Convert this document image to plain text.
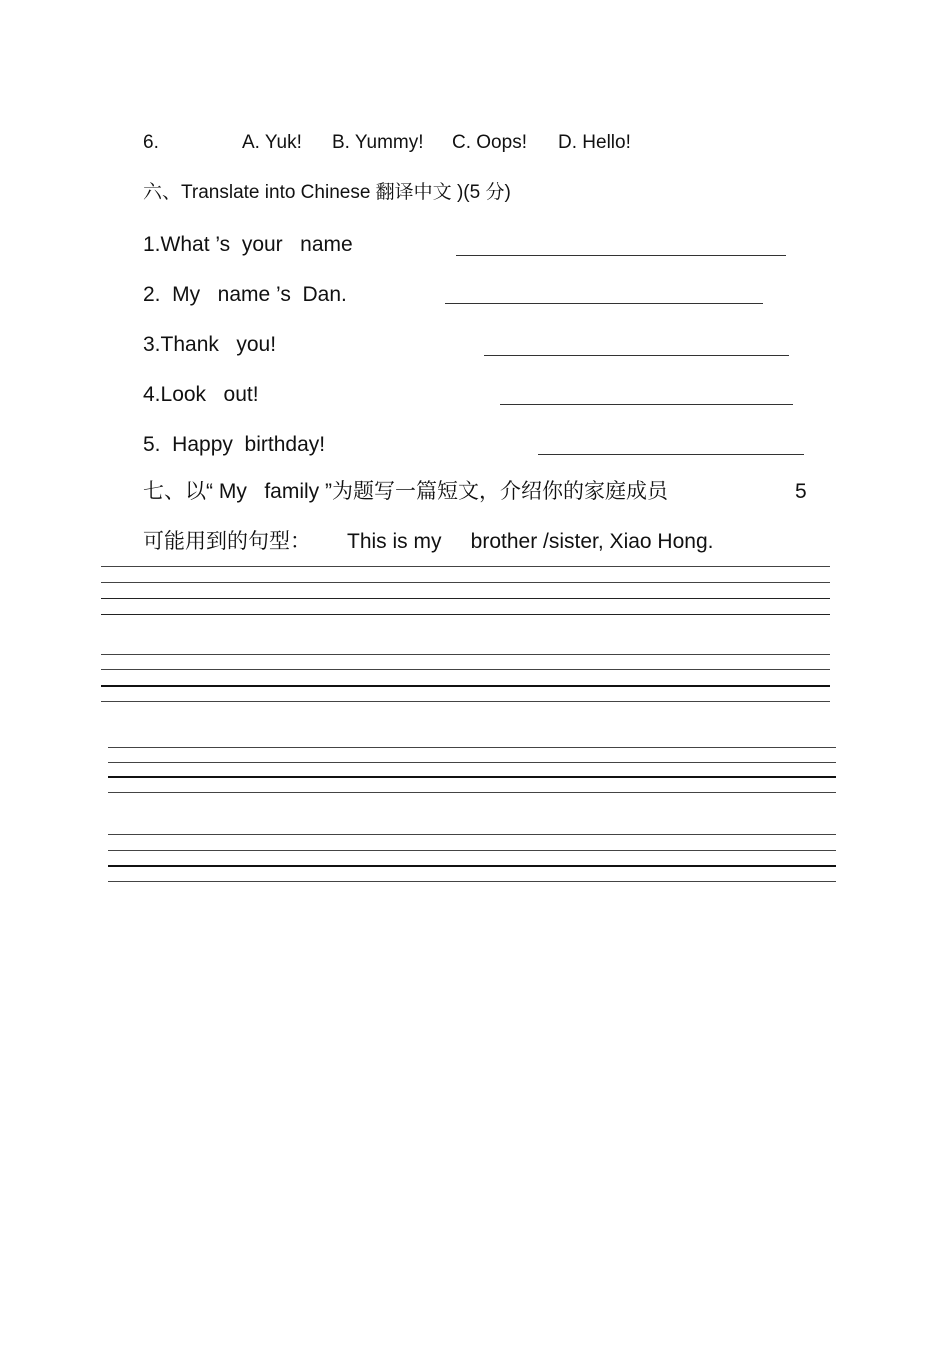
6.	A. Yuk! B. Yummy! C. Oops! D. Hello!
六、Translate into Chinese 翻译中文 )(5 分)
1.What ’s  your   name
2.  My   name ’s  Dan.
3.Thank   you!
4.Look   out!
5.  Happy  birthday!
七、以“ My   family ”为题写一篇短文，介绍你的家庭成员	5
可能用到的句型： This is my     brother /sister, Xiao Hong.
